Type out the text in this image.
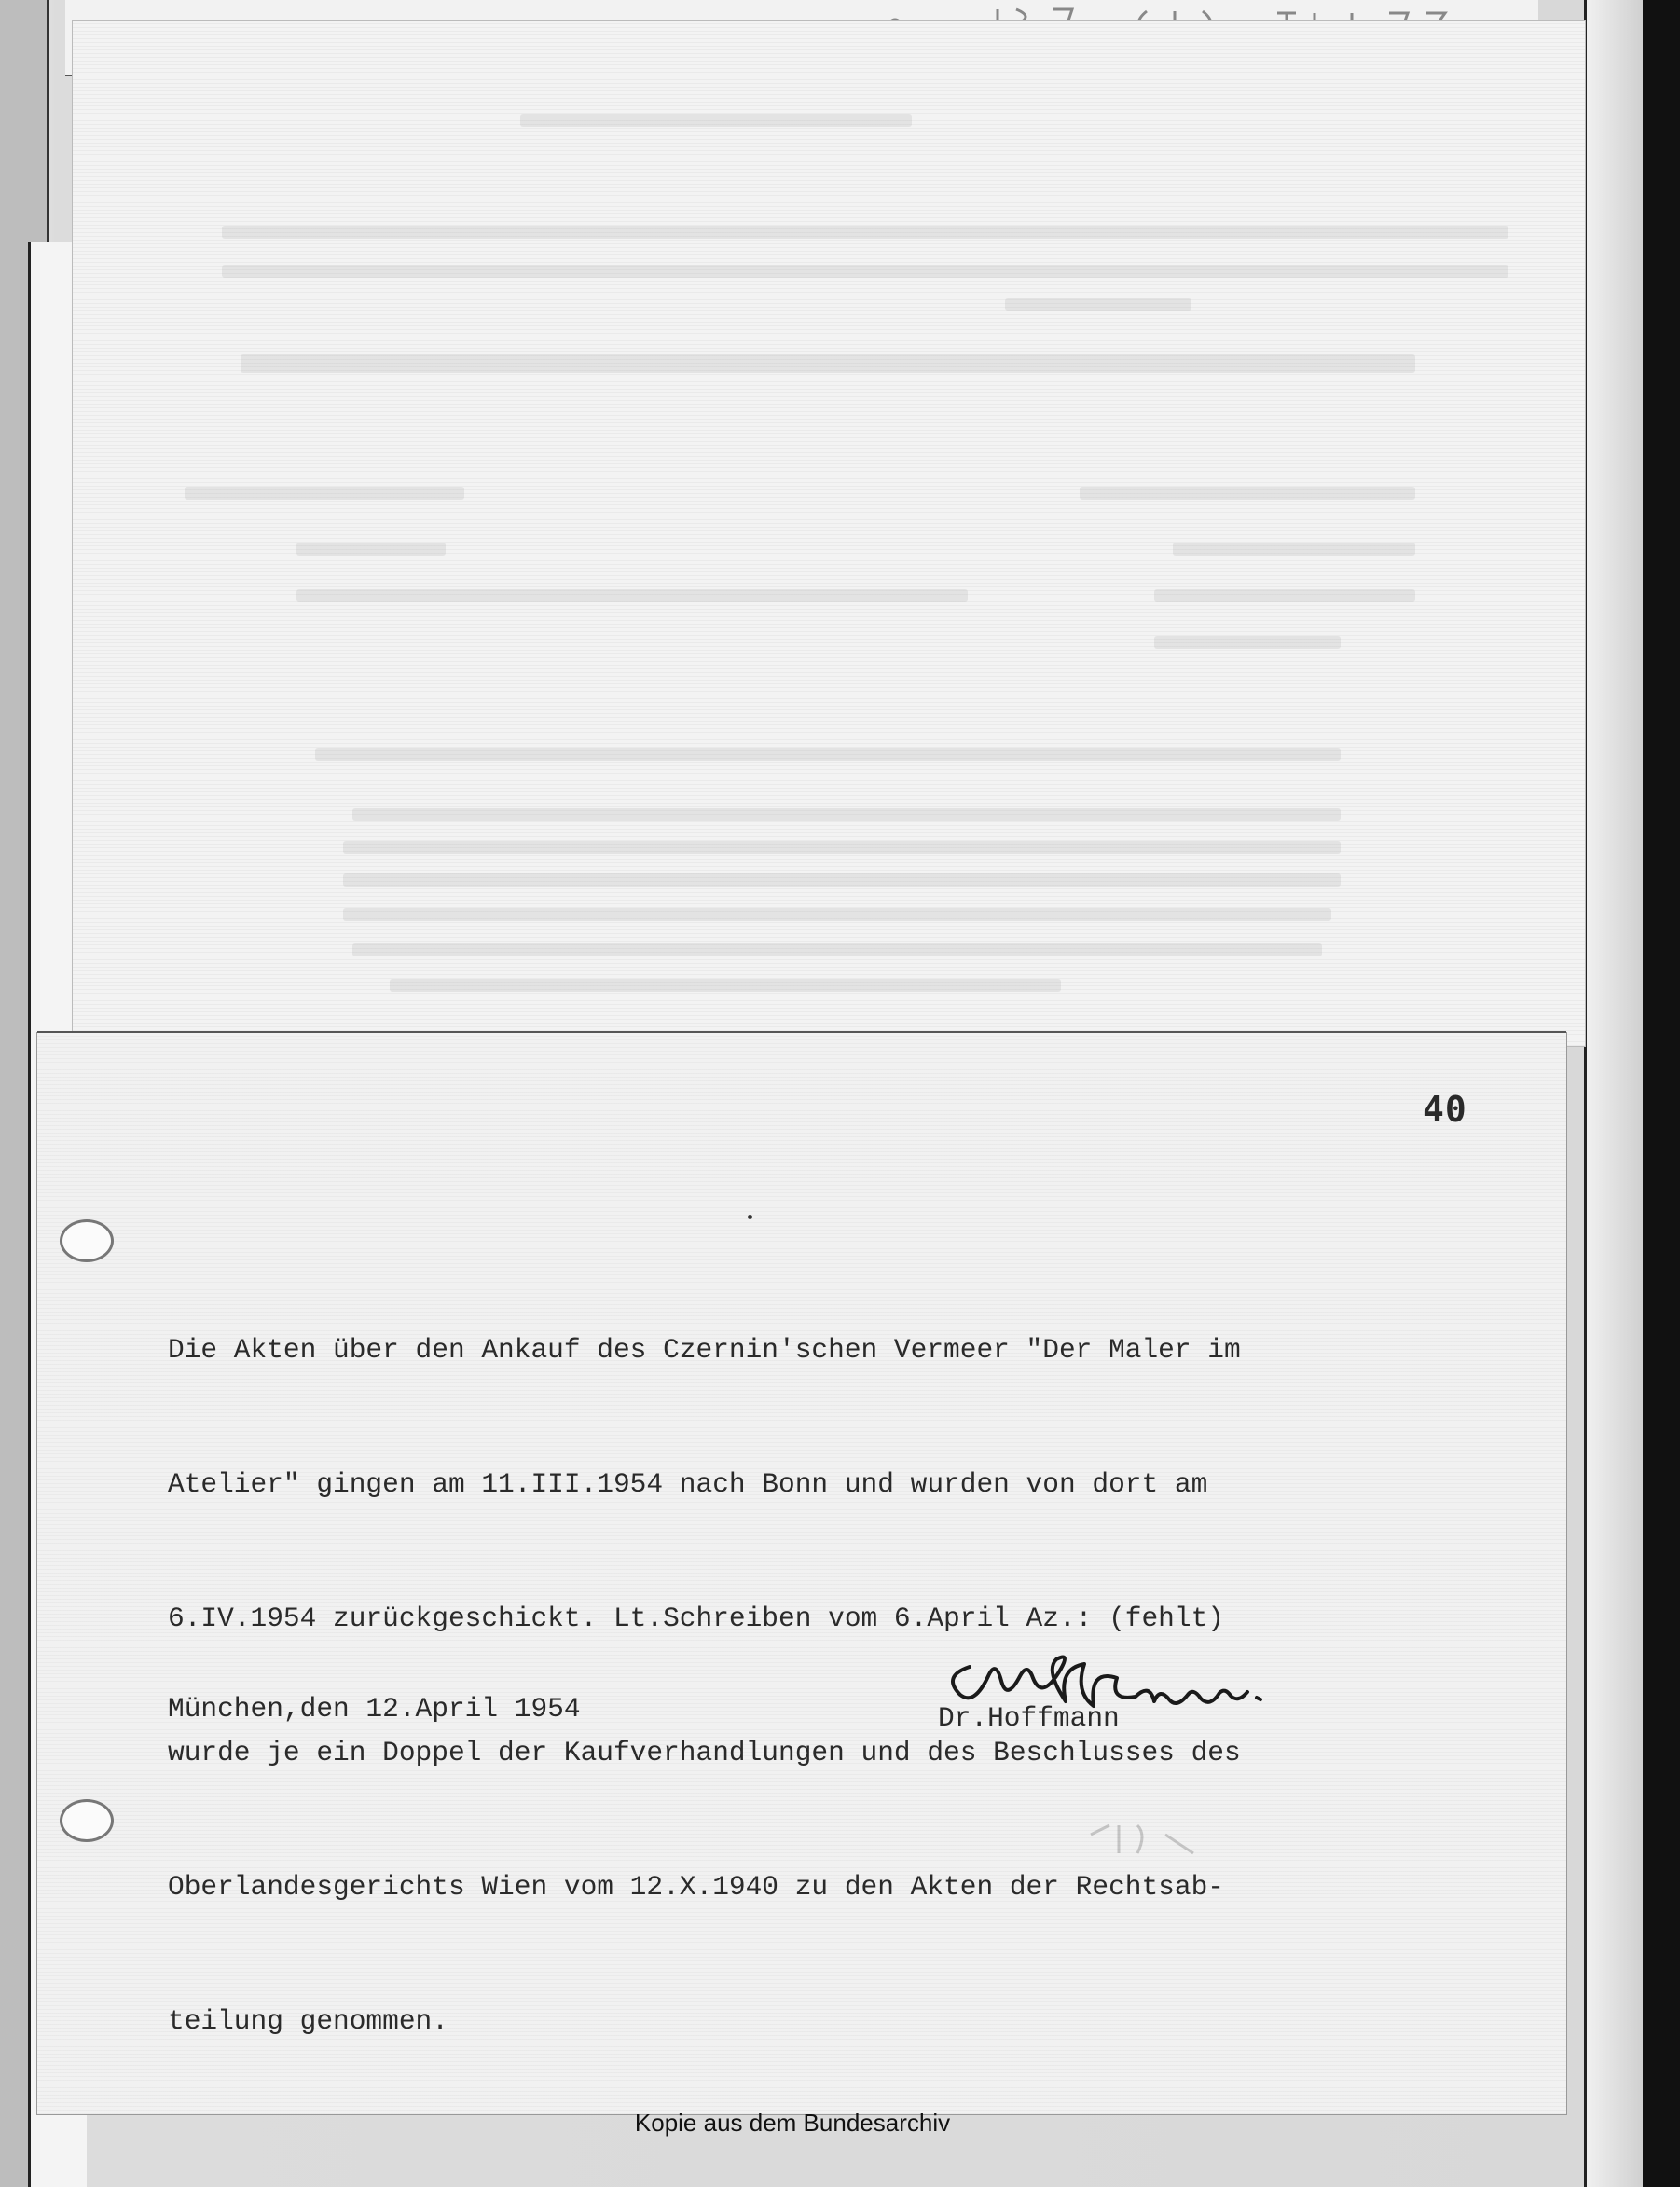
40

Die Akten über den Ankauf des Czernin'schen Vermeer "Der Maler im

Atelier" gingen am 11.III.1954 nach Bonn und wurden von dort am

6.IV.1954 zurückgeschickt. Lt.Schreiben vom 6.April Az.: (fehlt)

wurde je ein Doppel der Kaufverhandlungen und des Beschlusses des

Oberlandesgerichts Wien vom 12.X.1940 zu den Akten der Rechtsab-

teilung genommen.

München,den 12.April 1954	Dr.Hoffmann
Kopie aus dem Bundesarchiv
